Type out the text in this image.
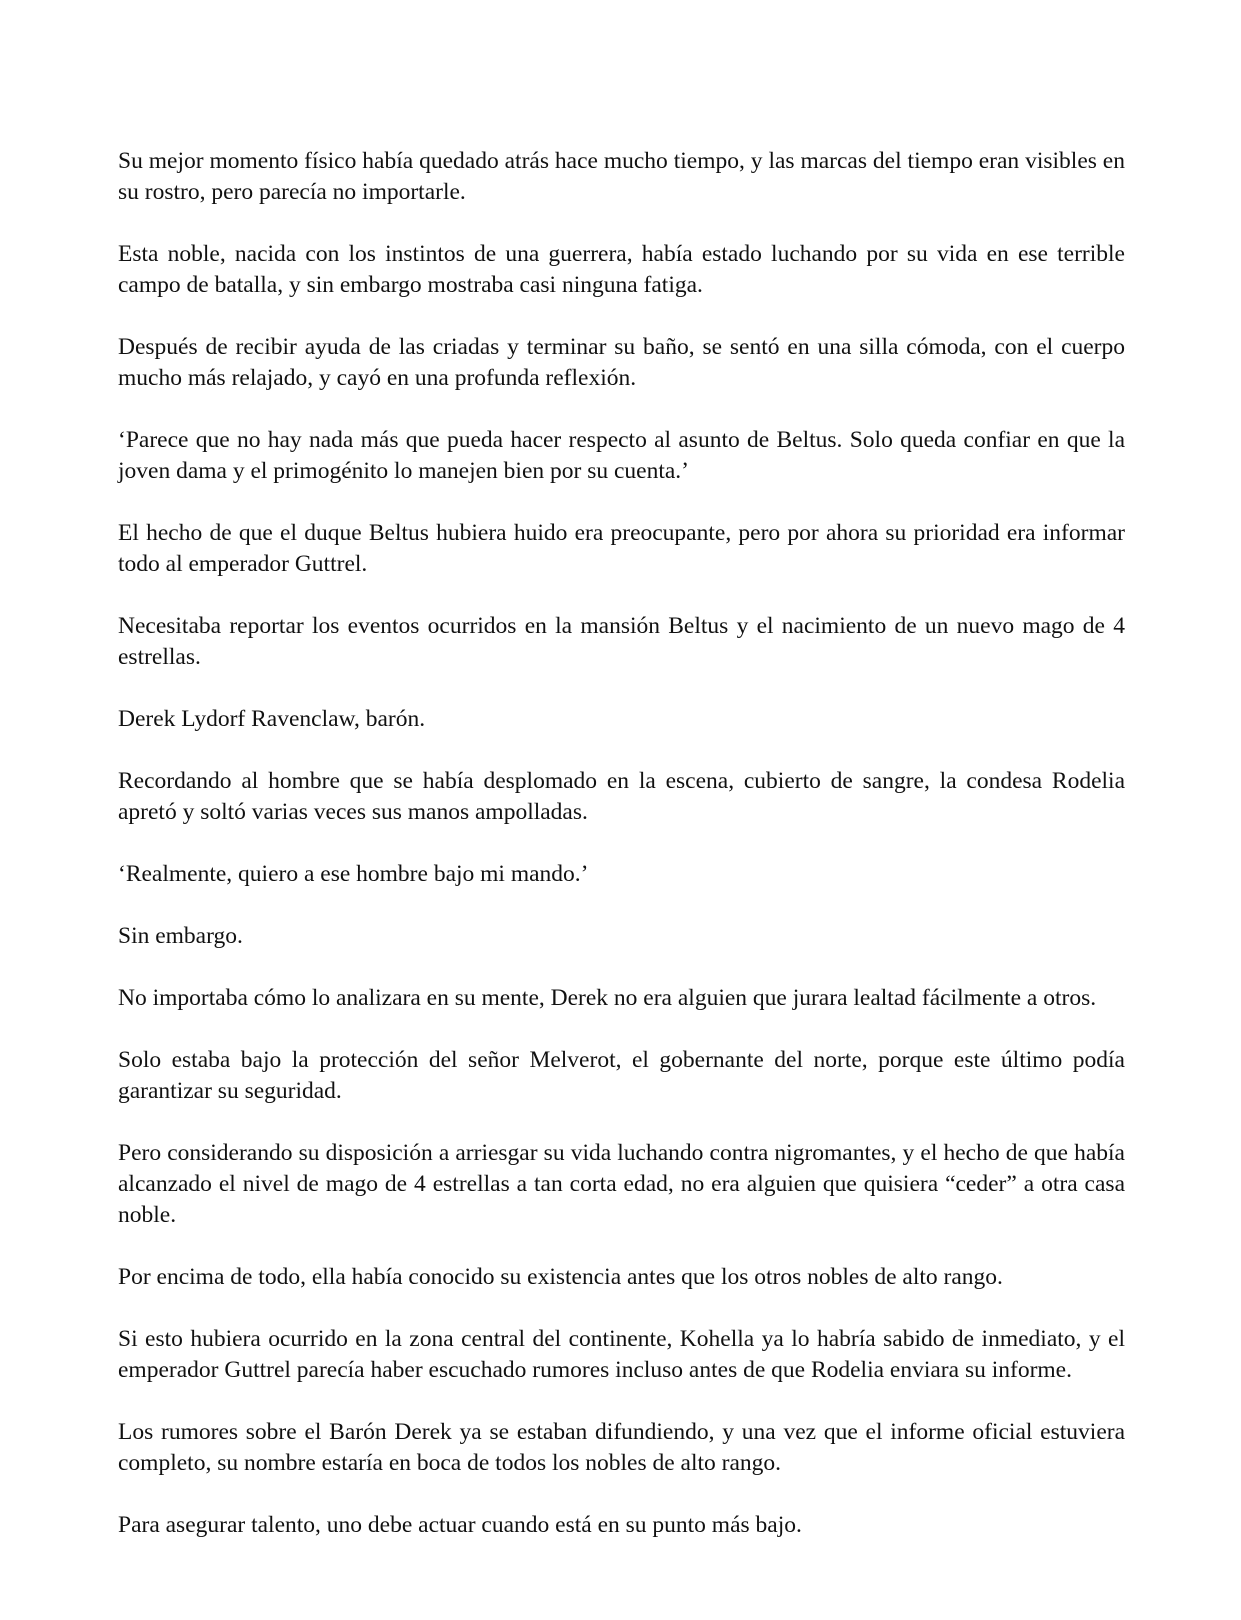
Su mejor momento físico había quedado atrás hace mucho tiempo, y las marcas del tiempo eran visibles en su rostro, pero parecía no importarle.

Esta noble, nacida con los instintos de una guerrera, había estado luchando por su vida en ese terrible campo de batalla, y sin embargo mostraba casi ninguna fatiga.

Después de recibir ayuda de las criadas y terminar su baño, se sentó en una silla cómoda, con el cuerpo mucho más relajado, y cayó en una profunda reflexión.

‘Parece que no hay nada más que pueda hacer respecto al asunto de Beltus. Solo queda confiar en que la joven dama y el primogénito lo manejen bien por su cuenta.’

El hecho de que el duque Beltus hubiera huido era preocupante, pero por ahora su prioridad era informar todo al emperador Guttrel.

Necesitaba reportar los eventos ocurridos en la mansión Beltus y el nacimiento de un nuevo mago de 4 estrellas.

Derek Lydorf Ravenclaw, barón.

Recordando al hombre que se había desplomado en la escena, cubierto de sangre, la condesa Rodelia apretó y soltó varias veces sus manos ampolladas.

‘Realmente, quiero a ese hombre bajo mi mando.’

Sin embargo.

No importaba cómo lo analizara en su mente, Derek no era alguien que jurara lealtad fácilmente a otros.

Solo estaba bajo la protección del señor Melverot, el gobernante del norte, porque este último podía garantizar su seguridad.

Pero considerando su disposición a arriesgar su vida luchando contra nigromantes, y el hecho de que había alcanzado el nivel de mago de 4 estrellas a tan corta edad, no era alguien que quisiera “ceder” a otra casa noble.

Por encima de todo, ella había conocido su existencia antes que los otros nobles de alto rango.

Si esto hubiera ocurrido en la zona central del continente, Kohella ya lo habría sabido de inmediato, y el emperador Guttrel parecía haber escuchado rumores incluso antes de que Rodelia enviara su informe.

Los rumores sobre el Barón Derek ya se estaban difundiendo, y una vez que el informe oficial estuviera completo, su nombre estaría en boca de todos los nobles de alto rango.

Para asegurar talento, uno debe actuar cuando está en su punto más bajo.
